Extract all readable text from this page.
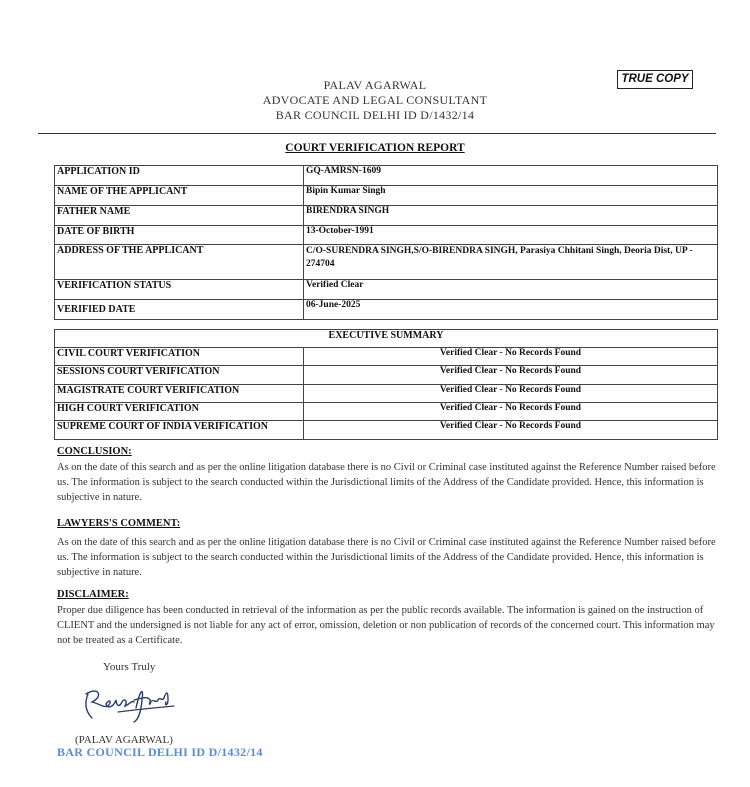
PALAV AGARWAL
ADVOCATE AND LEGAL CONSULTANT
BAR COUNCIL DELHI ID D/1432/14
TRUE COPY
COURT VERIFICATION REPORT
APPLICATION ID	GQ-AMRSN-1609
NAME OF THE APPLICANT	Bipin Kumar Singh
FATHER NAME	BIRENDRA SINGH
DATE OF BIRTH	13-October-1991
ADDRESS OF THE APPLICANT	C/O-SURENDRA SINGH,S/O-BIRENDRA SINGH, Parasiya Chhitani Singh, Deoria Dist, UP - 274704
VERIFICATION STATUS	Verified Clear
VERIFIED DATE	06-June-2025
EXECUTIVE SUMMARY	
CIVIL COURT VERIFICATION	Verified Clear - No Records Found
SESSIONS COURT VERIFICATION	Verified Clear - No Records Found
MAGISTRATE COURT VERIFICATION	Verified Clear - No Records Found
HIGH COURT VERIFICATION	Verified Clear - No Records Found
SUPREME COURT OF INDIA VERIFICATION	Verified Clear - No Records Found
CONCLUSION:
As on the date of this search and as per the online litigation database there is no Civil or Criminal case instituted against the Reference Number raised before us. The information is subject to the search conducted within the Jurisdictional limits of the Address of the Candidate provided. Hence, this information is subjective in nature.
LAWYERS'S COMMENT:
As on the date of this search and as per the online litigation database there is no Civil or Criminal case instituted against the Reference Number raised before us. The information is subject to the search conducted within the Jurisdictional limits of the Address of the Candidate provided. Hence, this information is subjective in nature.
DISCLAIMER:
Proper due diligence has been conducted in retrieval of the information as per the public records available. The information is gained on the instruction of CLIENT and the undersigned is not liable for any act of error, omission, deletion or non publication of records of the concerned court. This information may not be treated as a Certificate.
Yours Truly
(PALAV AGARWAL)
BAR COUNCIL DELHI ID D/1432/14
